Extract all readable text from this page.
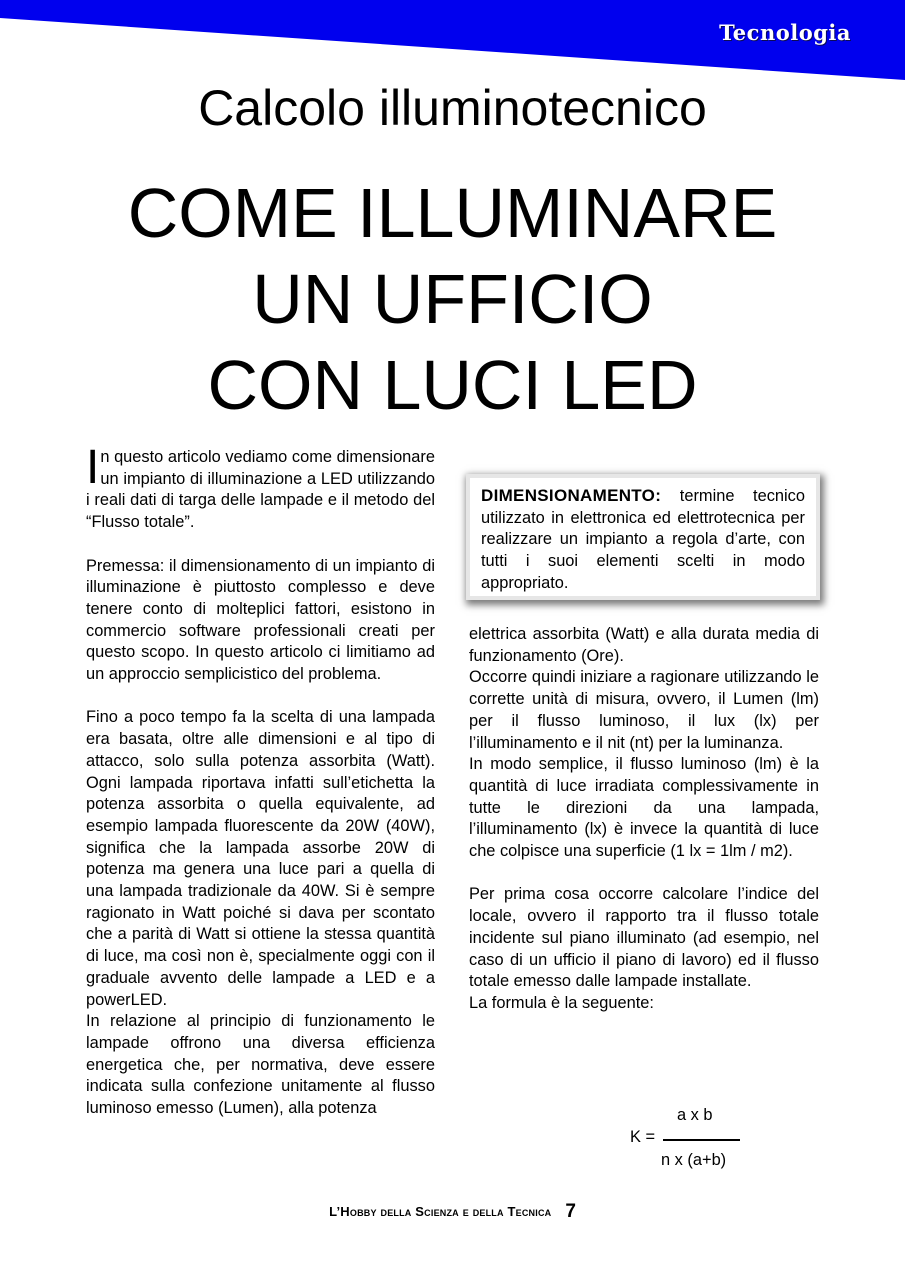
Tecnologia
Calcolo illuminotecnico
COME ILLUMINARE
UN UFFICIO
CON LUCI LED

In questo articolo vediamo come dimensionare un impianto di illuminazione a LED utilizzando i reali dati di targa delle lampade e il metodo del “Flusso totale”.

Premessa: il dimensionamento di un impianto di illuminazione è piuttosto complesso e deve tenere conto di molteplici fattori, esistono in commercio software professionali creati per questo scopo. In questo articolo ci limitiamo ad un approccio semplicistico del problema.

Fino a poco tempo fa la scelta di una lampada era basata, oltre alle dimensioni e al tipo di attacco, solo sulla potenza assorbita (Watt). Ogni lampada riportava infatti sull’etichetta la potenza assorbita o quella equivalente, ad esempio lampada fluorescente da 20W (40W), significa che la lampada assorbe 20W di potenza ma genera una luce pari a quella di una lampada tradizionale da 40W. Si è sempre ragionato in Watt poiché si dava per scontato che a parità di Watt si ottiene la stessa quantità di luce, ma così non è, specialmente oggi con il graduale avvento delle lampade a LED e a powerLED.

In relazione al principio di funzionamento le lampade offrono una diversa efficienza energetica che, per normativa, deve essere indicata sulla confezione unitamente al flusso luminoso emesso (Lumen), alla potenza

DIMENSIONAMENTO: termine tecnico utilizzato in elettronica ed elettrotecnica per realizzare un impianto a regola d’arte, con tutti i suoi elementi scelti in modo appropriato.

elettrica assorbita (Watt) e alla durata media di funzionamento (Ore).

Occorre quindi iniziare a ragionare utilizzando le corrette unità di misura, ovvero, il Lumen (lm) per il flusso luminoso, il lux (lx) per l’illuminamento e il nit (nt) per la luminanza.

In modo semplice, il flusso luminoso (lm) è la quantità di luce irradiata complessivamente in tutte le direzioni da una lampada, l’illuminamento (lx) è invece la quantità di luce che colpisce una superficie (1 lx = 1lm / m2).

Per prima cosa occorre calcolare l’indice del locale, ovvero il rapporto tra il flusso totale incidente sul piano illuminato (ad esempio, nel caso di un ufficio il piano di lavoro) ed il flusso totale emesso dalle lampade installate.

La formula è la seguente:

K =
a x b
n x (a+b)
L’Hobby della Scienza e della Tecnica 7
